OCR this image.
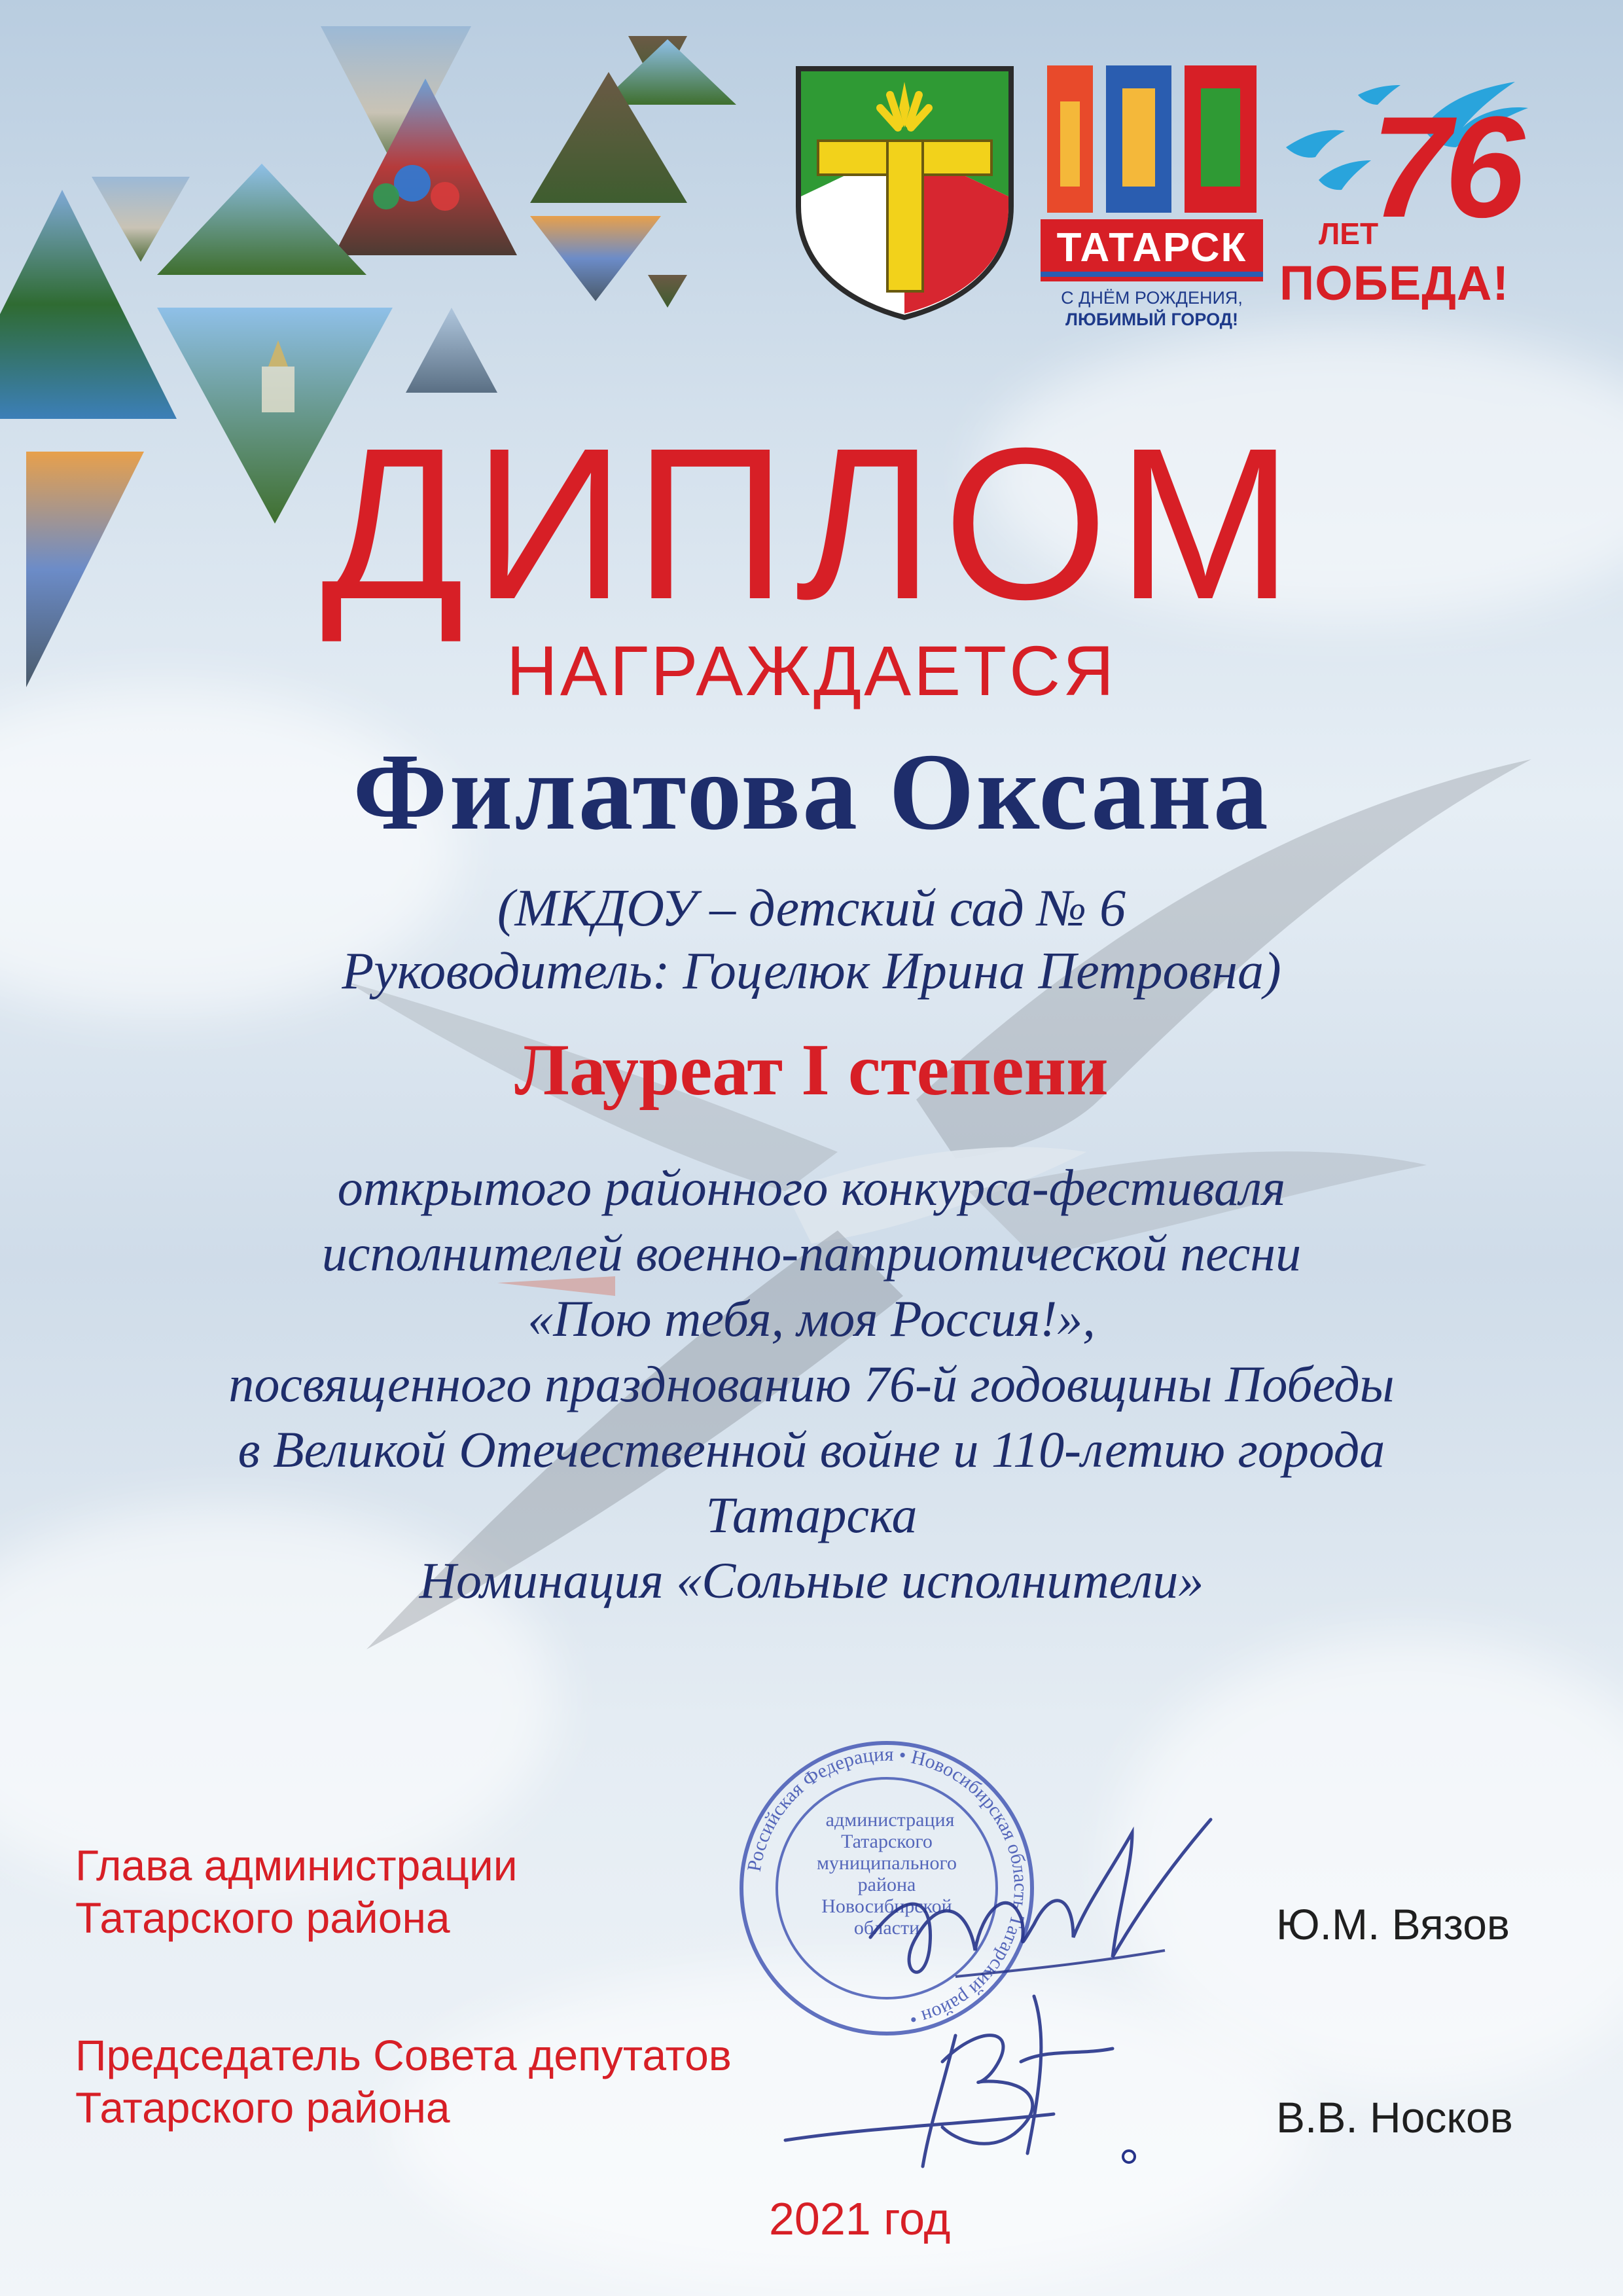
ТАТАРСК
С ДНЁМ РОЖДЕНИЯ,
ЛЮБИМЫЙ ГОРОД!
76
ЛЕТ
ПОБЕДА!
ДИПЛОМ
НАГРАЖДАЕТСЯ
Филатова Оксана
(МКДОУ – детский сад № 6
Руководитель: Гоцелюк Ирина Петровна)
Лауреат I степени
открытого районного конкурса-фестиваля
исполнителей военно-патриотической песни
«Пою тебя, моя Россия!»,
посвященного празднованию 76-й годовщины Победы
в Великой Отечественной войне и 110-летию города
Татарска
Номинация «Сольные исполнители»
Глава администрации
Татарского района	Ю.М. Вязов
Председатель Совета депутатов
Татарского района	В.В. Носков
Российская Федерация • Новосибирская область Татарский район •
администрация
Татарского
муниципального
района
Новосибирской
области
2021 год
